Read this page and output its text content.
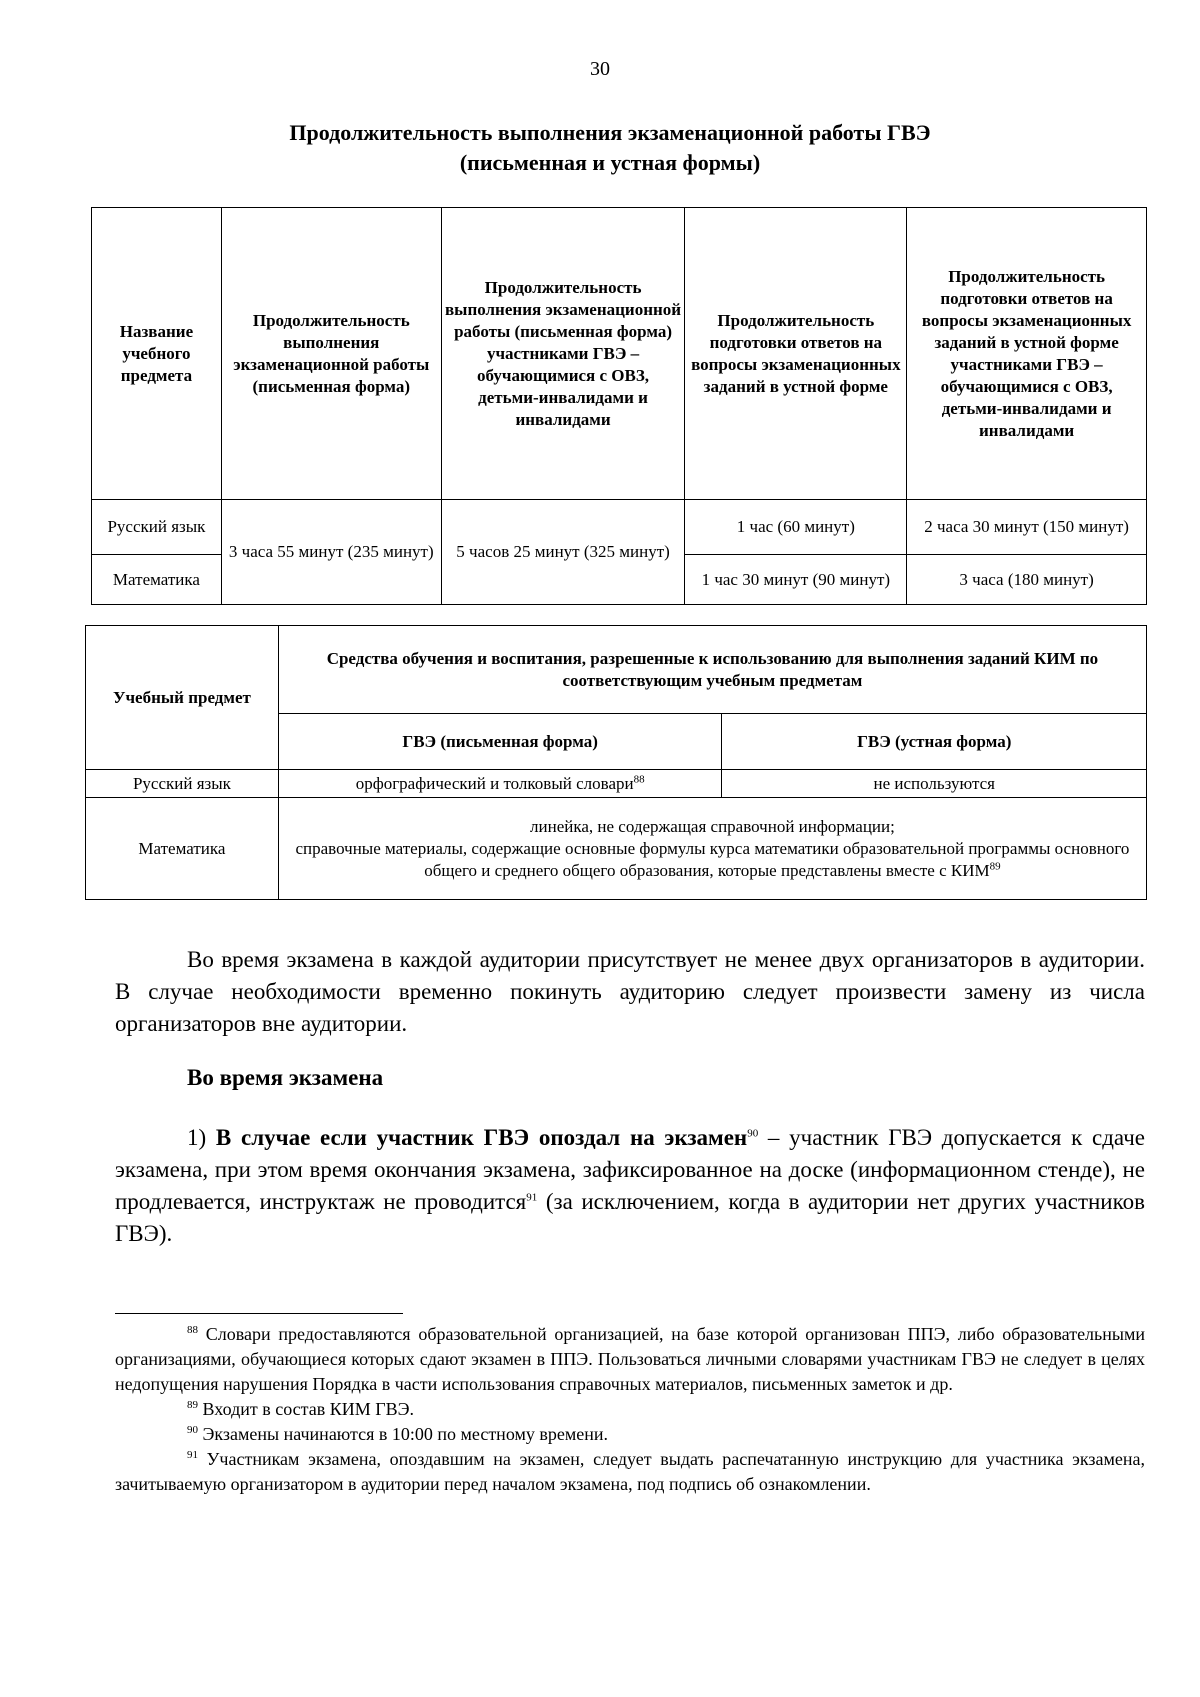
30
Продолжительность выполнения экзаменационной работы ГВЭ
(письменная и устная формы)
Название учебного предмета	Продолжительность выполнения экзаменационной работы (письменная форма)	Продолжительность выполнения экзаменационной работы (письменная форма) участниками ГВЭ – обучающимися с ОВЗ, детьми-инвалидами и инвалидами	Продолжительность подготовки ответов на вопросы экзаменационных заданий в устной форме	Продолжительность подготовки ответов на вопросы экзаменационных заданий в устной форме участниками ГВЭ – обучающимися с ОВЗ, детьми-инвалидами и инвалидами
Русский язык	3 часа 55 минут (235 минут)	5 часов 25 минут (325 минут)	1 час (60 минут)	2 часа 30 минут (150 минут)
Математика			1 час 30 минут (90 минут)	3 часа (180 минут)
Учебный предмет	Средства обучения и воспитания, разрешенные к использованию для выполнения заданий КИМ по соответствующим учебным предметам	
	ГВЭ (письменная форма)	ГВЭ (устная форма)
Русский язык	орфографический и толковый словари$^{88}$	не используются
Математика	линейка, не содержащая справочной информации;
справочные материалы, содержащие основные формулы курса математики образовательной программы основного общего и среднего общего образования, которые представлены вместе с КИМ$^{89}$
Во время экзамена в каждой аудитории присутствует не менее двух организаторов в аудитории. В случае необходимости временно покинуть аудиторию следует произвести замену из числа организаторов вне аудитории.
Во время экзамена
1) В случае если участник ГВЭ опоздал на экзамен$^{90}$ – участник ГВЭ допускается к сдаче экзамена, при этом время окончания экзамена, зафиксированное на доске (информационном стенде), не продлевается, инструктаж не проводится$^{91}$ (за исключением, когда в аудитории нет других участников ГВЭ).

$^{88}$ Словари предоставляются образовательной организацией, на базе которой организован ППЭ, либо образовательными организациями, обучающиеся которых сдают экзамен в ППЭ. Пользоваться личными словарями участникам ГВЭ не следует в целях недопущения нарушения Порядка в части использования справочных материалов, письменных заметок и др.

$^{89}$ Входит в состав КИМ ГВЭ.

$^{90}$ Экзамены начинаются в 10:00 по местному времени.

$^{91}$ Участникам экзамена, опоздавшим на экзамен, следует выдать распечатанную инструкцию для участника экзамена, зачитываемую организатором в аудитории перед началом экзамена, под подпись об ознакомлении.
